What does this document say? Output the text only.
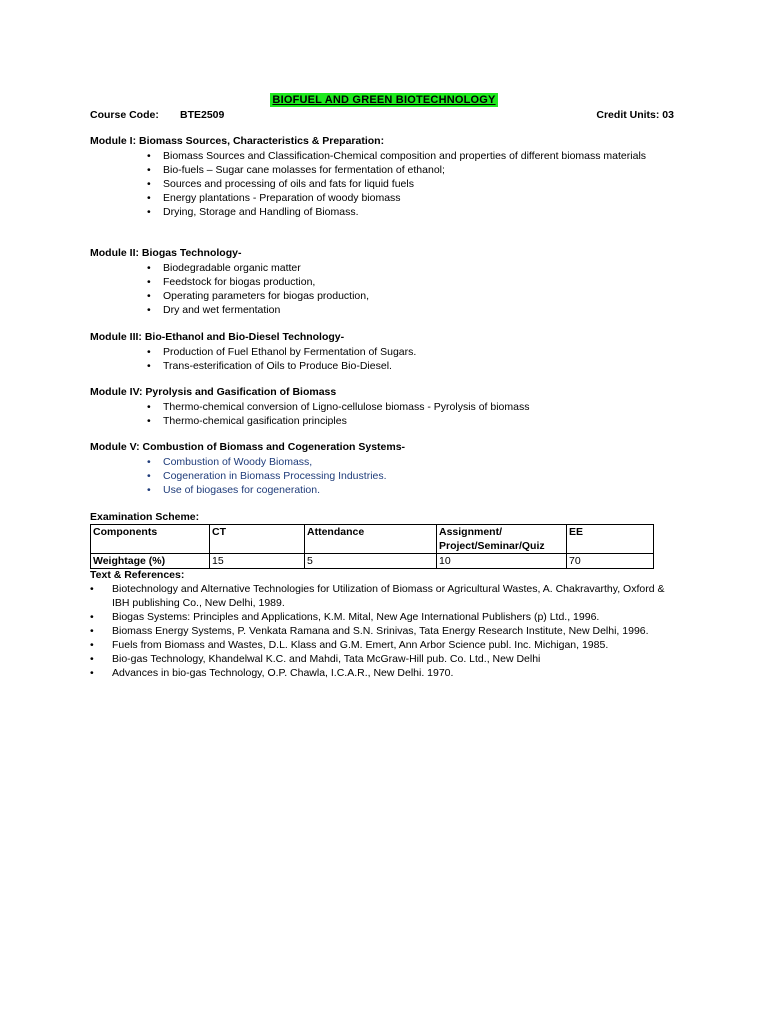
BIOFUEL AND GREEN BIOTECHNOLOGY
Course Code: BTE2509	Credit Units: 03
Module I: Biomass Sources, Characteristics & Preparation:
• Biomass Sources and Classification-Chemical composition and properties of different biomass materials
• Bio-fuels – Sugar cane molasses for fermentation of ethanol;
• Sources and processing of oils and fats for liquid fuels
• Energy plantations - Preparation of woody biomass
• Drying, Storage and Handling of Biomass.
Module II: Biogas Technology-
• Biodegradable organic matter
• Feedstock for biogas production,
• Operating parameters for biogas production,
• Dry and wet fermentation
Module III: Bio-Ethanol and Bio-Diesel Technology-
• Production of Fuel Ethanol by Fermentation of Sugars.
• Trans-esterification of Oils to Produce Bio-Diesel.
Module IV: Pyrolysis and Gasification of Biomass
• Thermo-chemical conversion of Ligno-cellulose biomass - Pyrolysis of biomass
• Thermo-chemical gasification principles
Module V: Combustion of Biomass and Cogeneration Systems-
• Combustion of Woody Biomass,
• Cogeneration in Biomass Processing Industries.
• Use of biogases for cogeneration.
Examination Scheme:
Components	CT	Attendance	Assignment/ Project/Seminar/Quiz	EE
Weightage (%)	15	5	10	70
Text & References:
• Biotechnology and Alternative Technologies for Utilization of Biomass or Agricultural Wastes, A. Chakravarthy, Oxford & IBH publishing Co., New Delhi, 1989.
• Biogas Systems: Principles and Applications, K.M. Mital, New Age International Publishers (p) Ltd., 1996.
• Biomass Energy Systems, P. Venkata Ramana and S.N. Srinivas, Tata Energy Research Institute, New Delhi, 1996.
• Fuels from Biomass and Wastes, D.L. Klass and G.M. Emert, Ann Arbor Science publ. Inc. Michigan, 1985.
• Bio-gas Technology, Khandelwal K.C. and Mahdi, Tata McGraw-Hill pub. Co. Ltd., New Delhi
• Advances in bio-gas Technology, O.P. Chawla, I.C.A.R., New Delhi. 1970.
